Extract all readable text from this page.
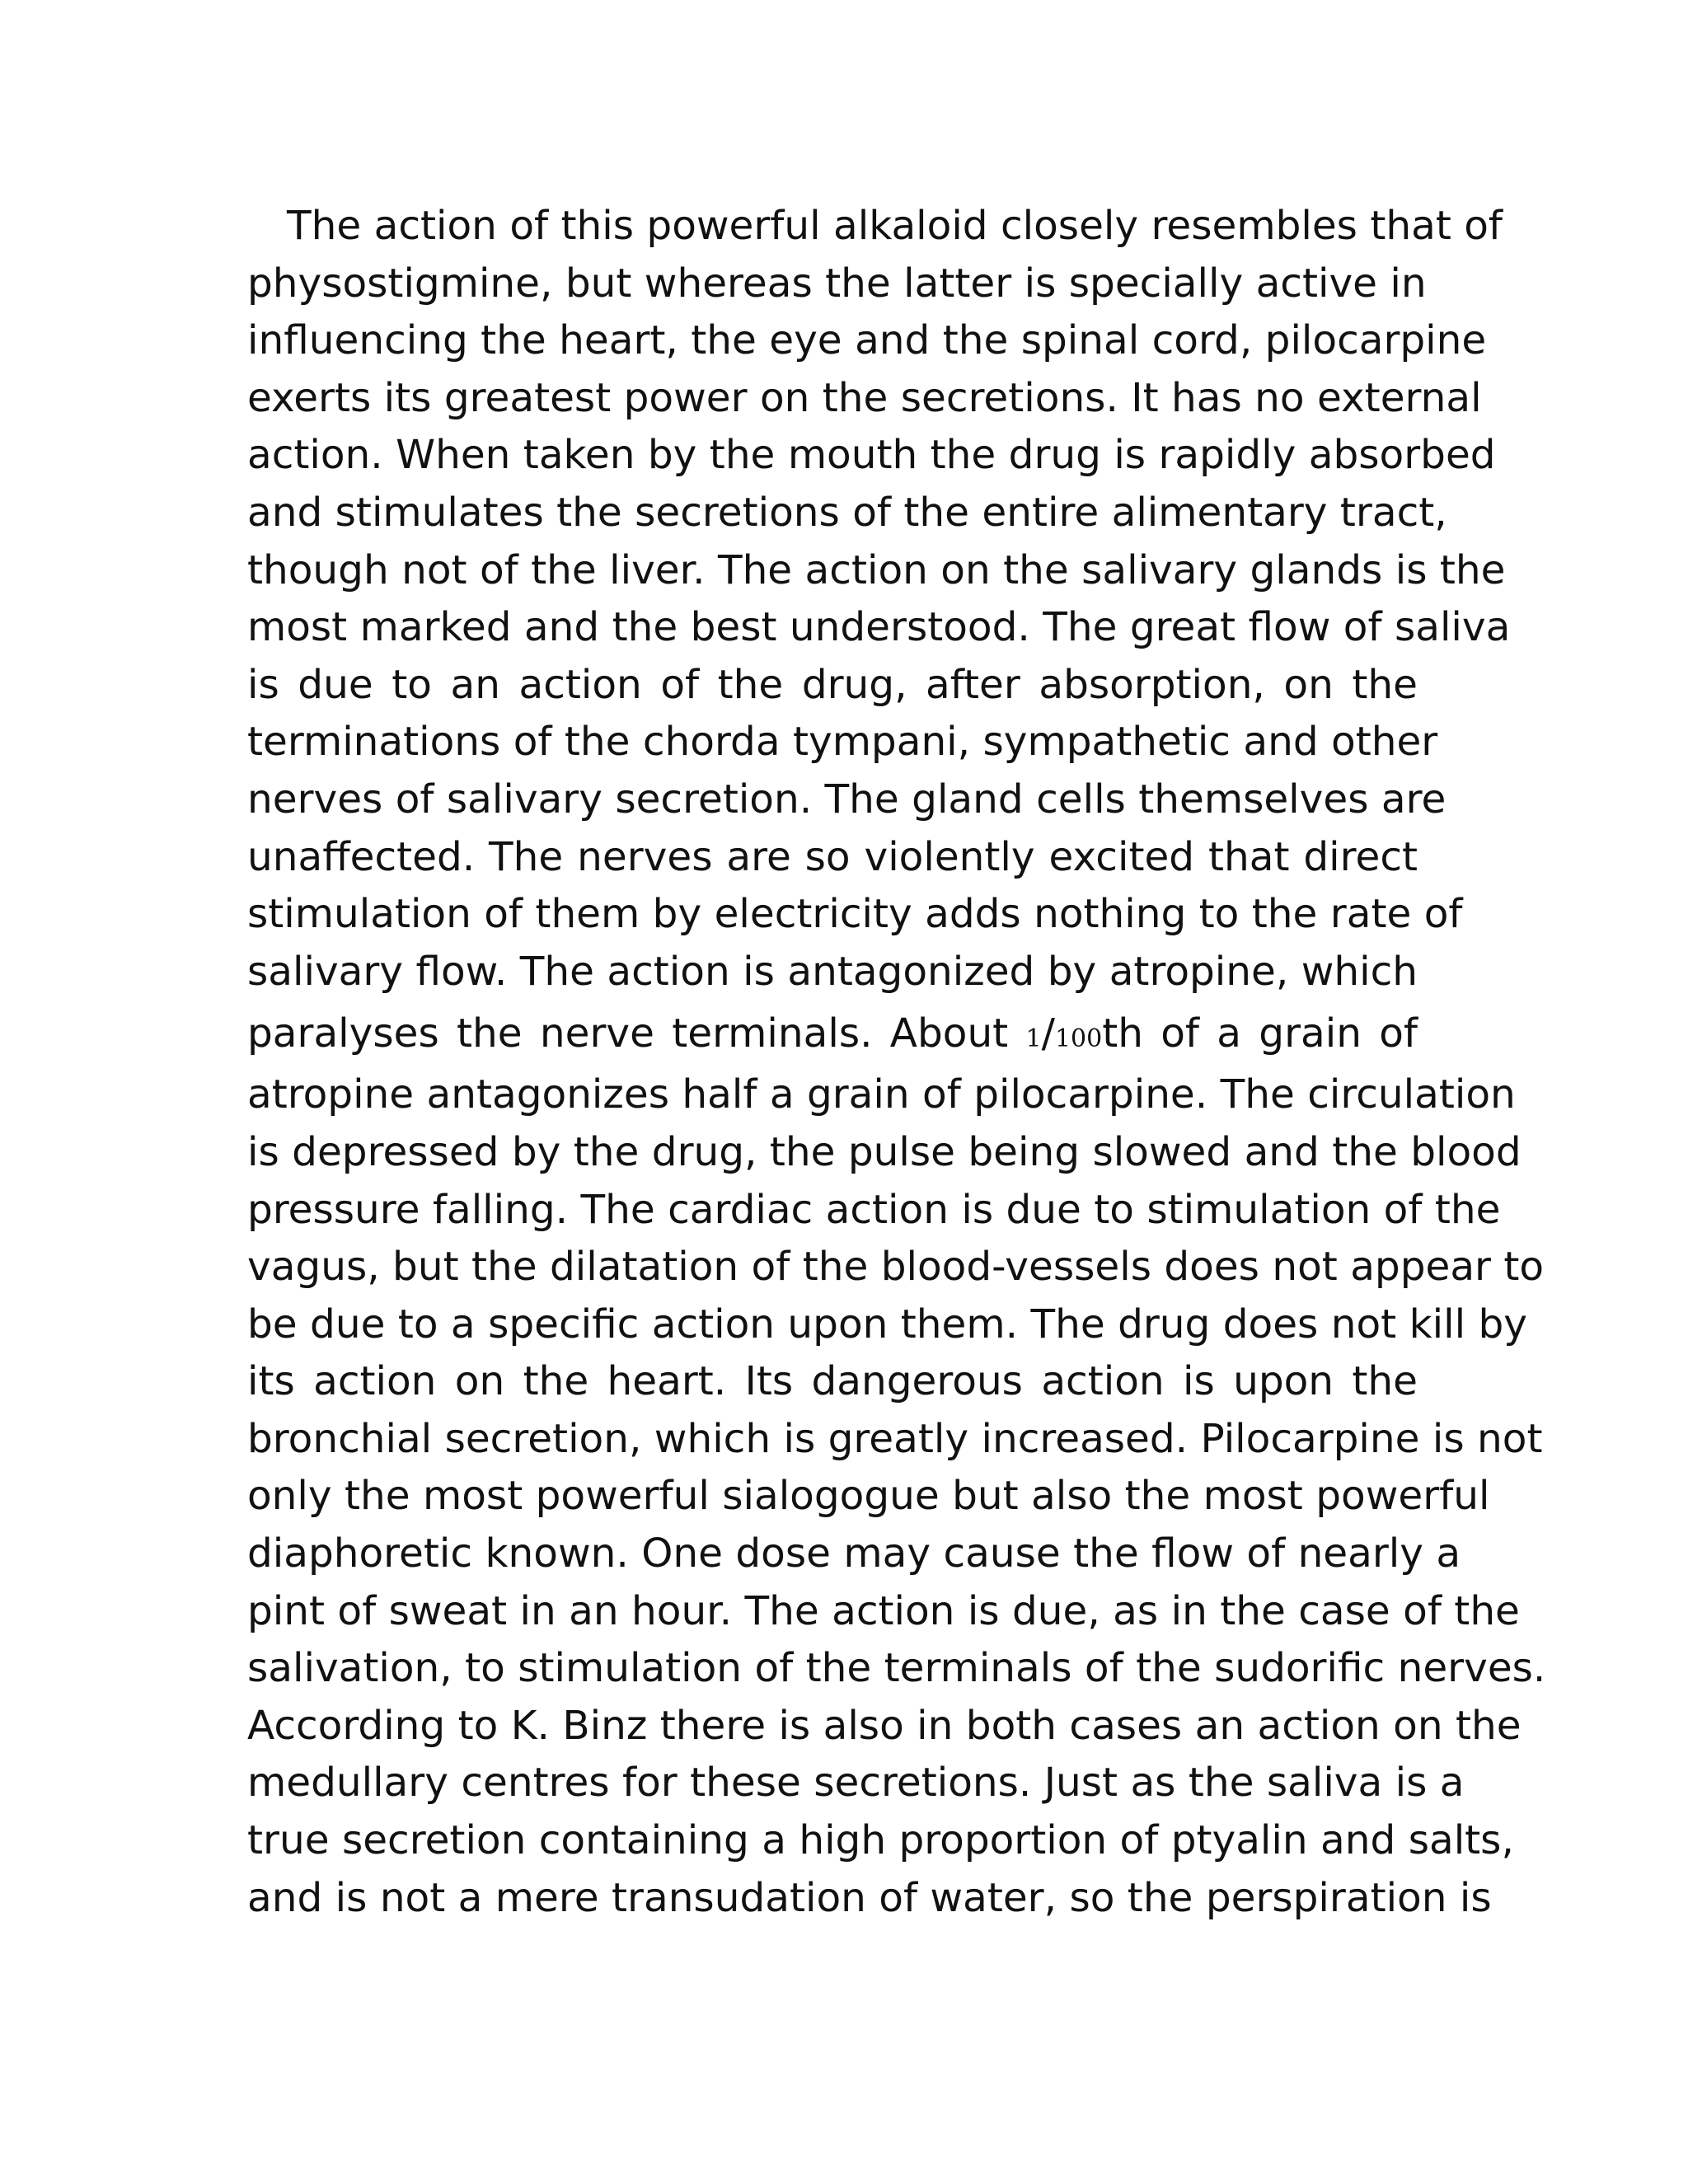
The action of this powerful alkaloid closely resembles that of
physostigmine, but whereas the latter is specially active in
influencing the heart, the eye and the spinal cord, pilocarpine
exerts its greatest power on the secretions. It has no external
action. When taken by the mouth the drug is rapidly absorbed
and stimulates the secretions of the entire alimentary tract,
though not of the liver. The action on the salivary glands is the
most marked and the best understood. The great flow of saliva
is due to an action of the drug, after absorption, on the
terminations of the chorda tympani, sympathetic and other
nerves of salivary secretion. The gland cells themselves are
unaffected. The nerves are so violently excited that direct
stimulation of them by electricity adds nothing to the rate of
salivary flow. The action is antagonized by atropine, which
paralyses the nerve terminals. About 1/100th of a grain of
atropine antagonizes half a grain of pilocarpine. The circulation
is depressed by the drug, the pulse being slowed and the blood
pressure falling. The cardiac action is due to stimulation of the
vagus, but the dilatation of the blood-vessels does not appear to
be due to a specific action upon them. The drug does not kill by
its action on the heart. Its dangerous action is upon the
bronchial secretion, which is greatly increased. Pilocarpine is not
only the most powerful sialogogue but also the most powerful
diaphoretic known. One dose may cause the flow of nearly a
pint of sweat in an hour. The action is due, as in the case of the
salivation, to stimulation of the terminals of the sudorific nerves.
According to K. Binz there is also in both cases an action on the
medullary centres for these secretions. Just as the saliva is a
true secretion containing a high proportion of ptyalin and salts,
and is not a mere transudation of water, so the perspiration is
